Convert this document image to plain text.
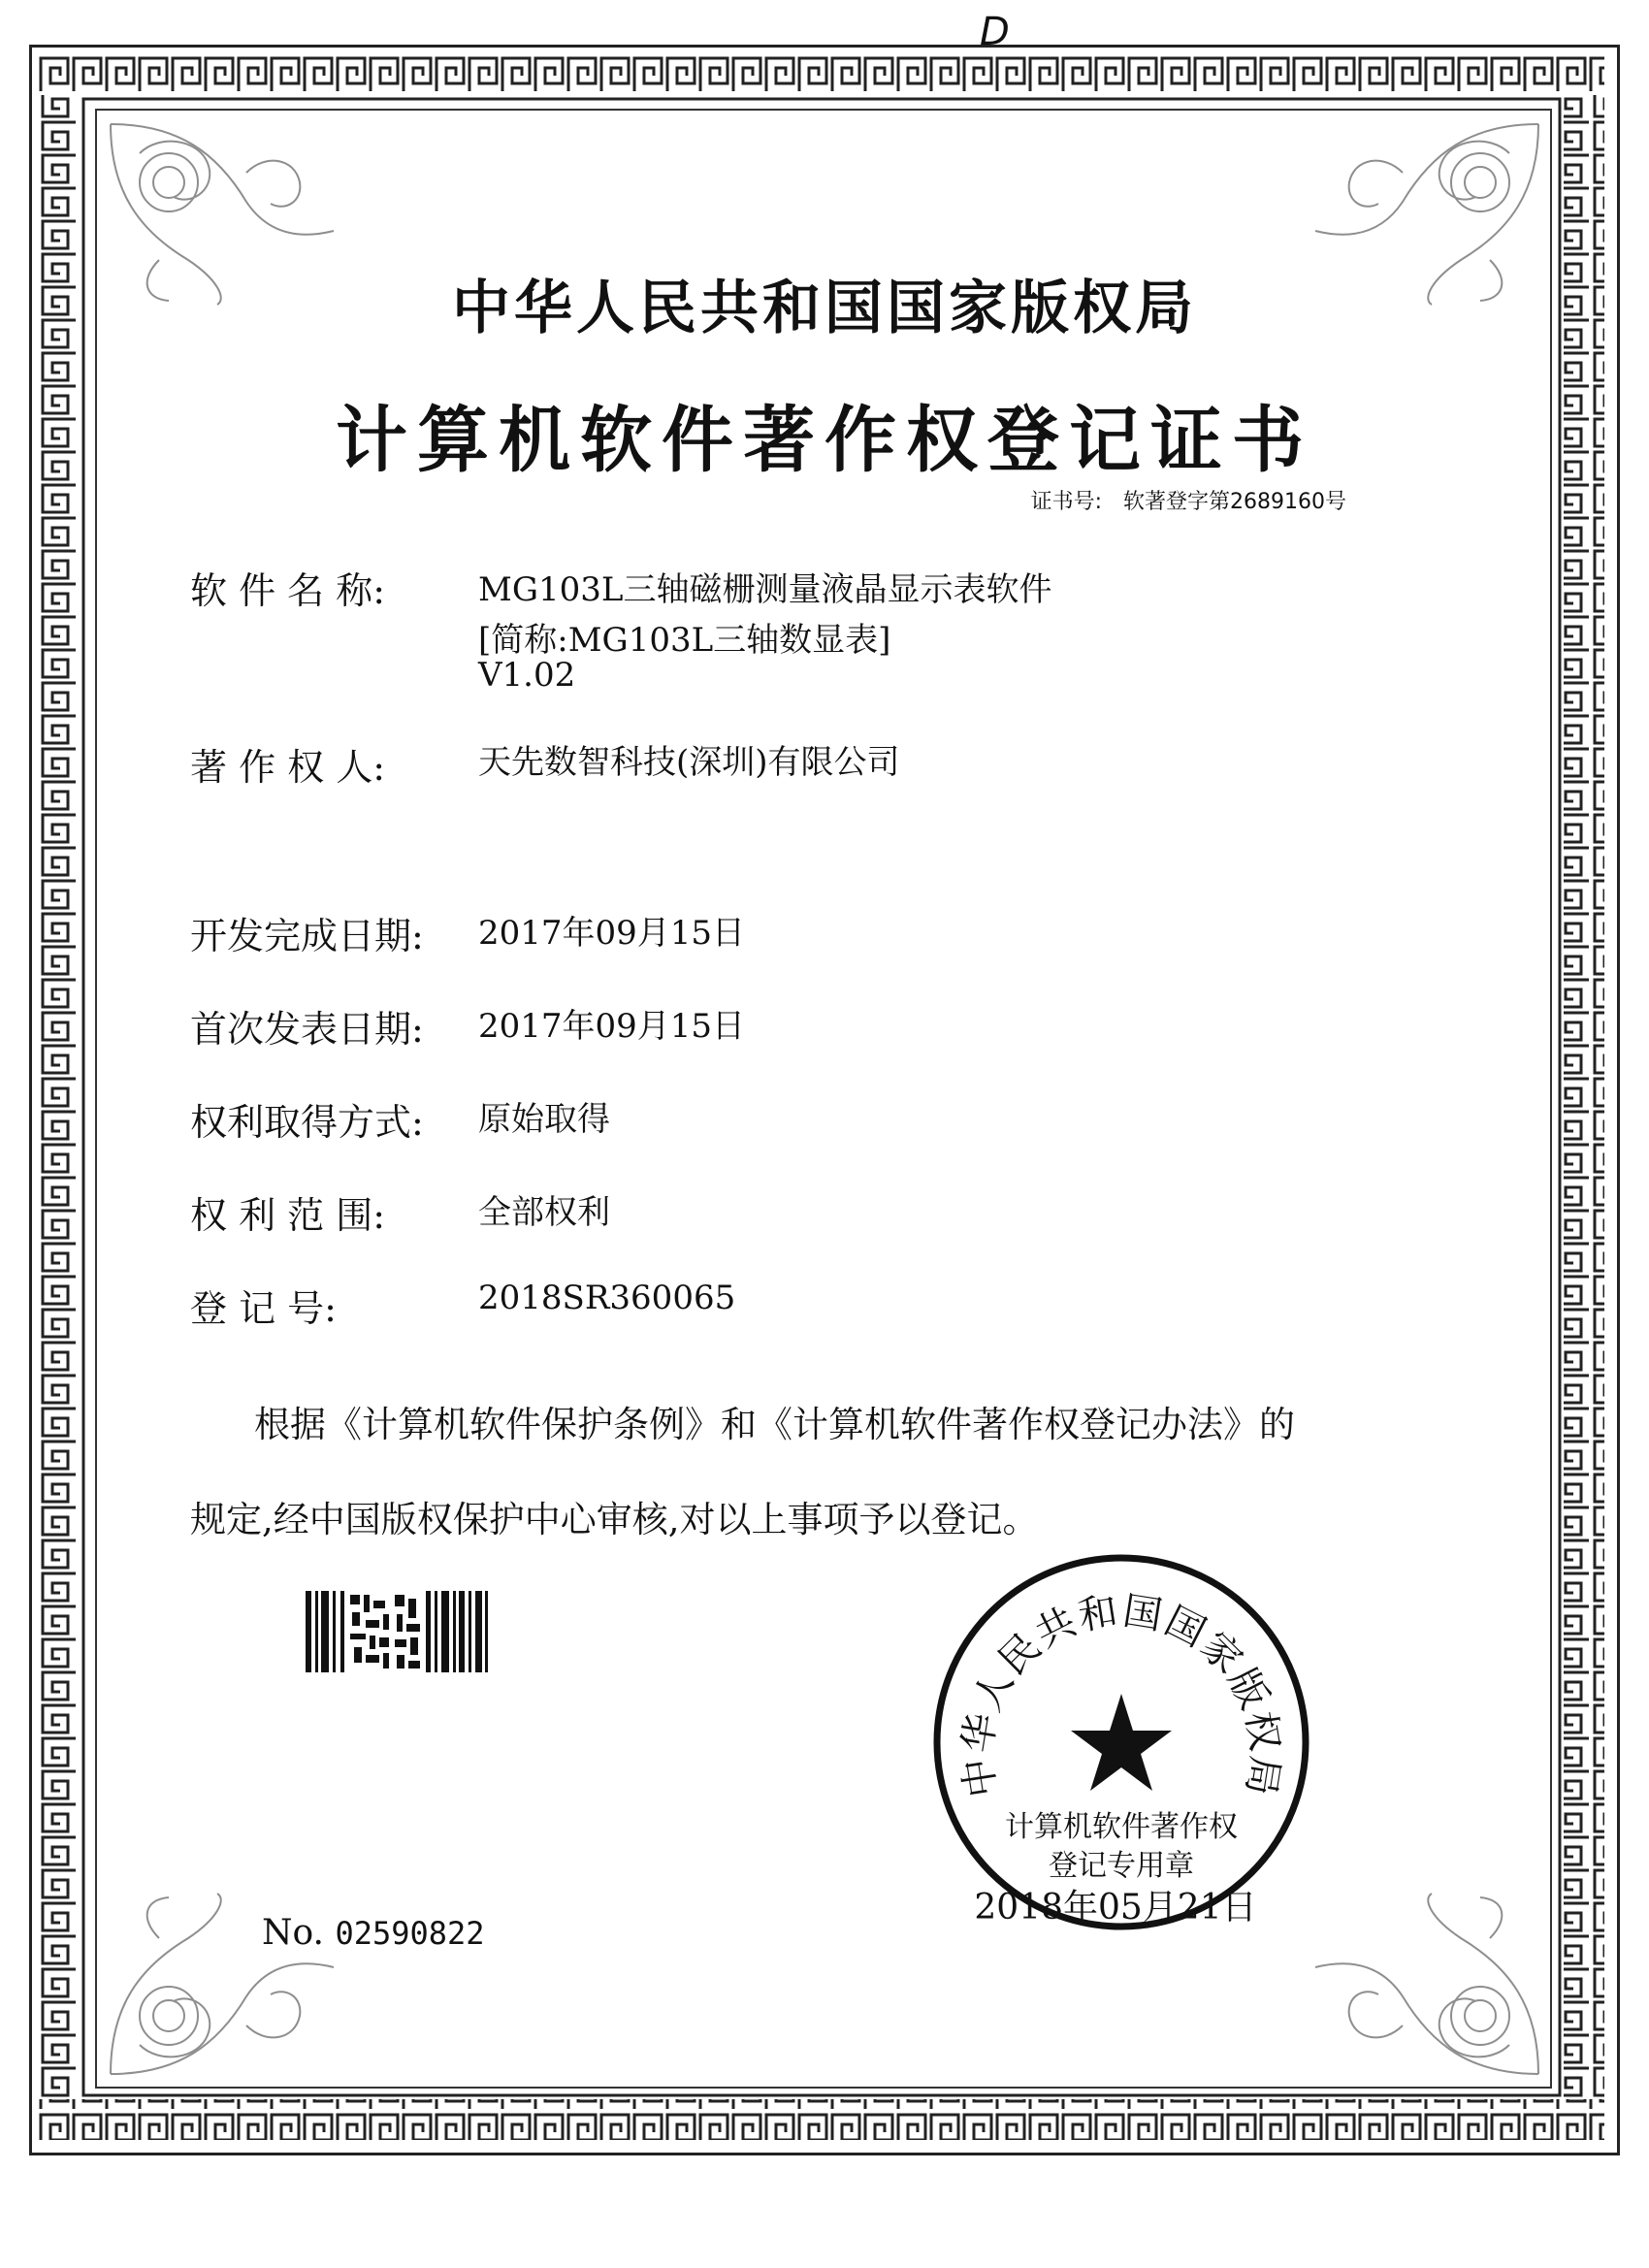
D
中华人民共和国国家版权局
计算机软件著作权登记证书
证书号: 软著登字第2689160号
软 件 名 称:	MG103L三轴磁栅测量液晶显示表软件
[简称:MG103L三轴数显表]
V1.02
著 作 权 人:	天先数智科技(深圳)有限公司
开发完成日期: 2017年09月15日
首次发表日期: 2017年09月15日
权利取得方式: 原始取得
权 利 范 围:	全部权利
登 记 号:	2018SR360065
根据《计算机软件保护条例》和《计算机软件著作权登记办法》的
规定,经中国版权保护中心审核,对以上事项予以登记。
No. 02590822
中华人民共和国国家版权局
计算机软件著作权
登记专用章
2018年05月21日
